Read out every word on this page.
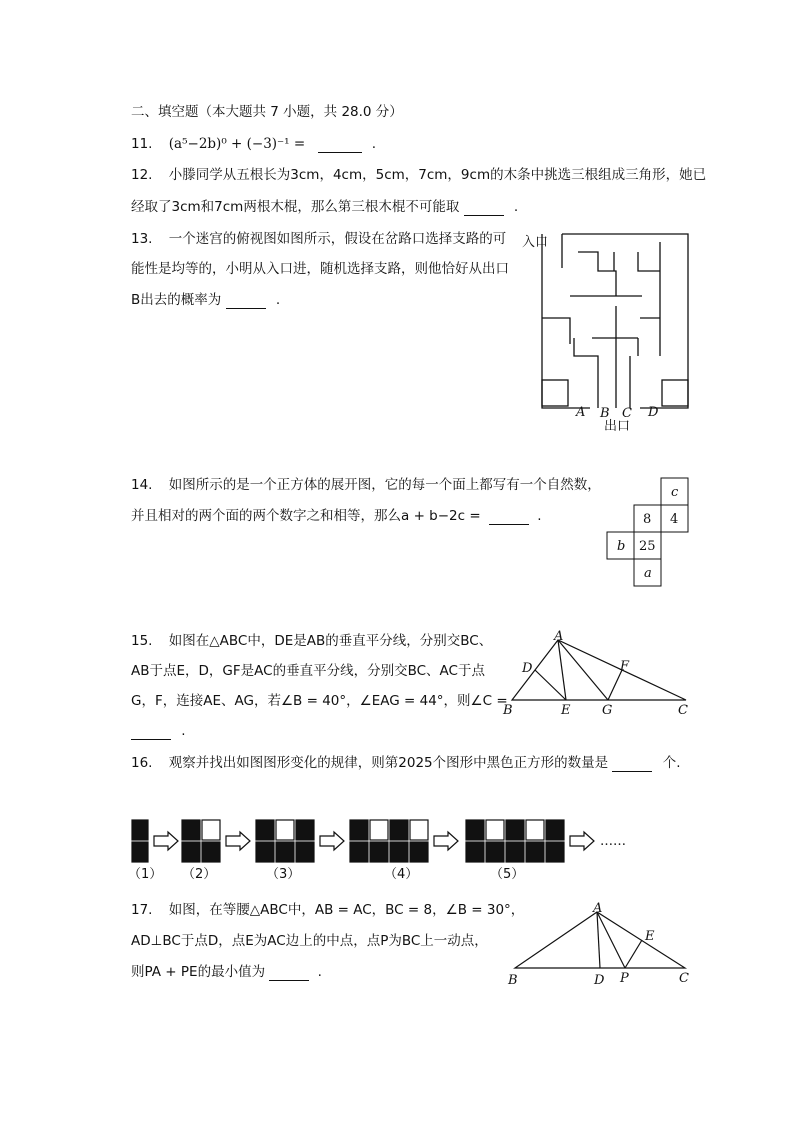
二、填空题（本大题共 7 小题，共 28.0 分）
11. (a⁵−2b)⁰ + (−3)⁻¹ =	.
12. 小滕同学从五根长为3cm，4cm，5cm，7cm，9cm的木条中挑选三根组成三角形，她已
经取了3cm和7cm两根木棍，那么第三根木棍不可能取	.
13. 一个迷宫的俯视图如图所示，假设在岔路口选择支路的可
能性是均等的，小明从入口进，随机选择支路，则他恰好从出口
B出去的概率为	.
入口
A B C D
出口
14. 如图所示的是一个正方体的展开图，它的每一个面上都写有一个自然数，
并且相对的两个面的两个数字之和相等，那么a + b−2c =	.
c
8 4
b 25
a
15. 如图在△ABC中，DE是AB的垂直平分线，分别交BC、
AB于点E，D，GF是AC的垂直平分线，分别交BC、AC于点
G，F，连接AE、AG，若∠B = 40°，∠EAG = 44°，则∠C =
.
A
B	C
D
E
F
G
16. 观察并找出如图图形变化的规律，则第2025个图形中黑色正方形的数量是	个.
……
（1） （2）	（3）	（4）	（5）
17. 如图，在等腰△ABC中，AB = AC，BC = 8，∠B = 30°，
AD⊥BC于点D，点E为AC边上的中点，点P为BC上一动点，
则PA + PE的最小值为	.
A
B	C
D
E
P
